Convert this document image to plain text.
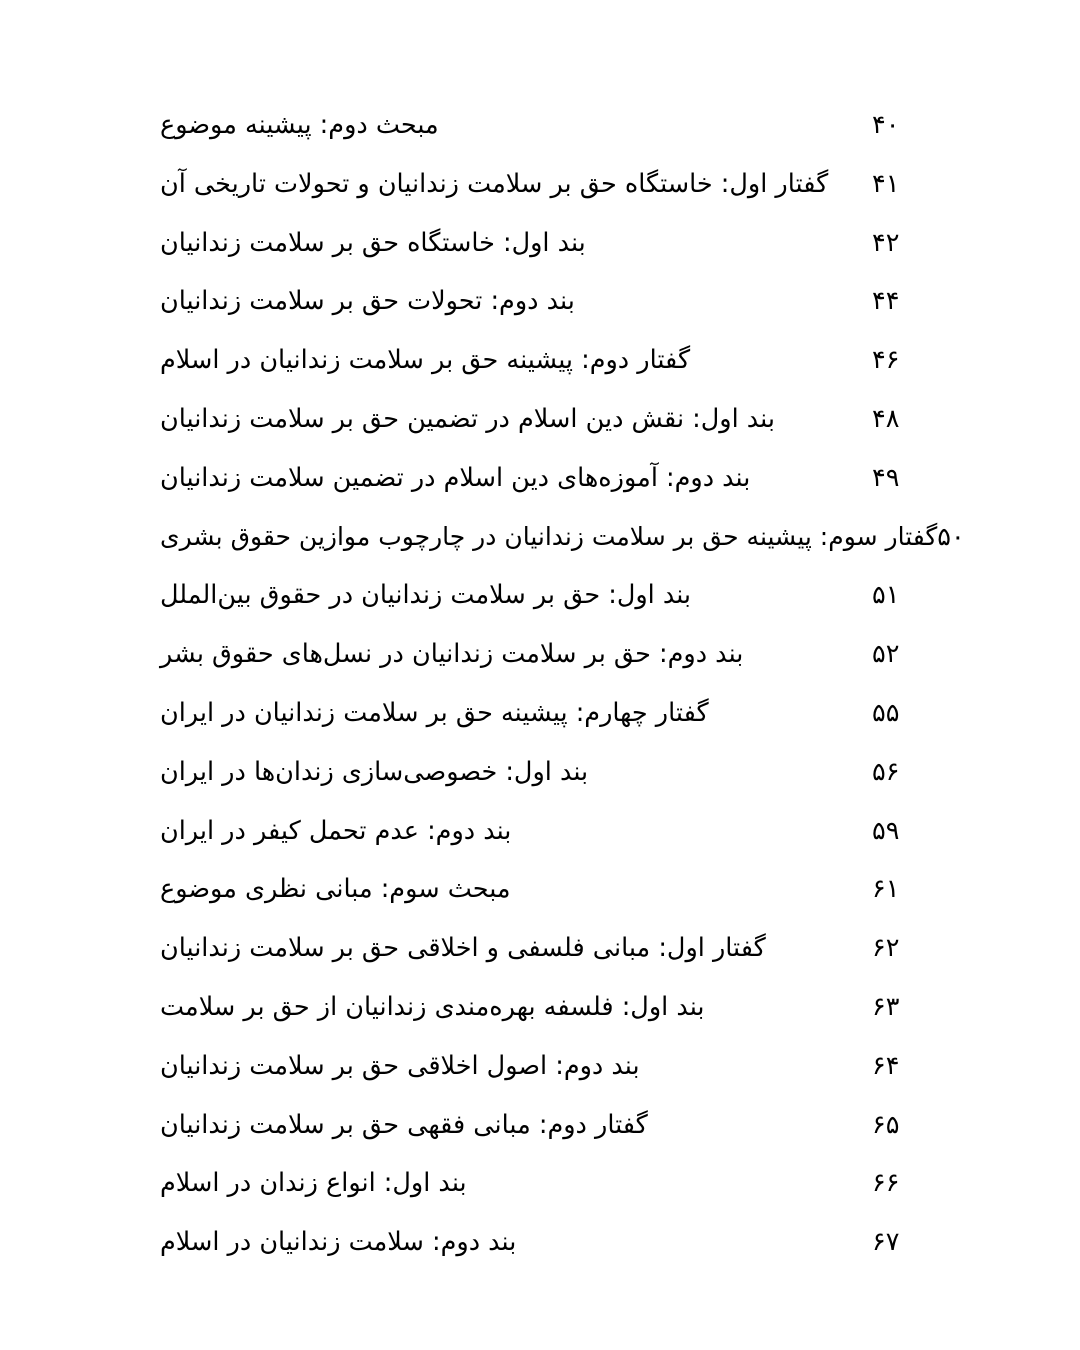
مبحث دوم: پیشینه موضوع	۴۰
گفتار اول: خاستگاه حق بر سلامت زندانیان و تحولات تاریخی آن ۴۱
بند اول: خاستگاه حق بر سلامت زندانیان	۴۲
بند دوم: تحولات حق بر سلامت زندانیان	۴۴
گفتار دوم: پیشینه حق بر سلامت زندانیان در اسلام	۴۶
بند اول: نقش دین اسلام در تضمین حق بر سلامت زندانیان	۴۸
بند دوم: آموزه‌های دین اسلام در تضمین سلامت زندانیان	۴۹
گفتار سوم: پیشینه حق بر سلامت زندانیان در چارچوب موازین حقوق بشری ۵۰
بند اول: حق بر سلامت زندانیان در حقوق بین‌الملل	۵۱
بند دوم: حق بر سلامت زندانیان در نسل‌های حقوق بشر	۵۲
گفتار چهارم: پیشینه حق بر سلامت زندانیان در ایران	۵۵
بند اول: خصوصی‌سازی زندان‌ها در ایران	۵۶
بند دوم: عدم تحمل کیفر در ایران	۵۹
مبحث سوم: مبانی نظری موضوع	۶۱
گفتار اول: مبانی فلسفی و اخلاقی حق بر سلامت زندانیان	۶۲
بند اول: فلسفه بهره‌مندی زندانیان از حق بر سلامت	۶۳
بند دوم: اصول اخلاقی حق بر سلامت زندانیان	۶۴
گفتار دوم: مبانی فقهی حق بر سلامت زندانیان	۶۵
بند اول: انواع زندان در اسلام	۶۶
بند دوم: سلامت زندانیان در اسلام	۶۷
